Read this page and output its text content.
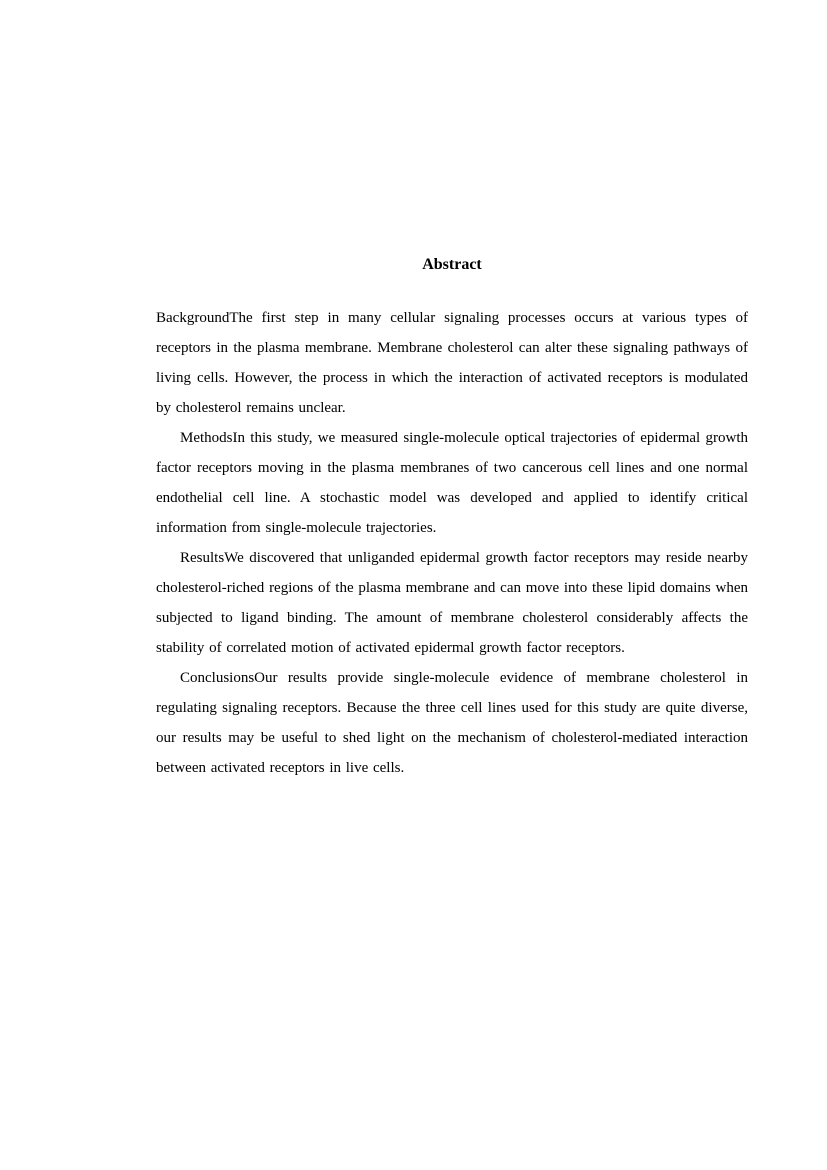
Abstract

BackgroundThe first step in many cellular signaling processes occurs at various types of receptors in the plasma membrane. Membrane cholesterol can alter these signaling pathways of living cells. However, the process in which the interaction of activated receptors is modulated by cholesterol remains unclear.

MethodsIn this study, we measured single-molecule optical trajectories of epidermal growth factor receptors moving in the plasma membranes of two cancerous cell lines and one normal endothelial cell line. A stochastic model was developed and applied to identify critical information from single-molecule trajectories.

ResultsWe discovered that unliganded epidermal growth factor receptors may reside nearby cholesterol-riched regions of the plasma membrane and can move into these lipid domains when subjected to ligand binding. The amount of membrane cholesterol considerably affects the stability of correlated motion of activated epidermal growth factor receptors.

ConclusionsOur results provide single-molecule evidence of membrane cholesterol in regulating signaling receptors. Because the three cell lines used for this study are quite diverse, our results may be useful to shed light on the mechanism of cholesterol-mediated interaction between activated receptors in live cells.
